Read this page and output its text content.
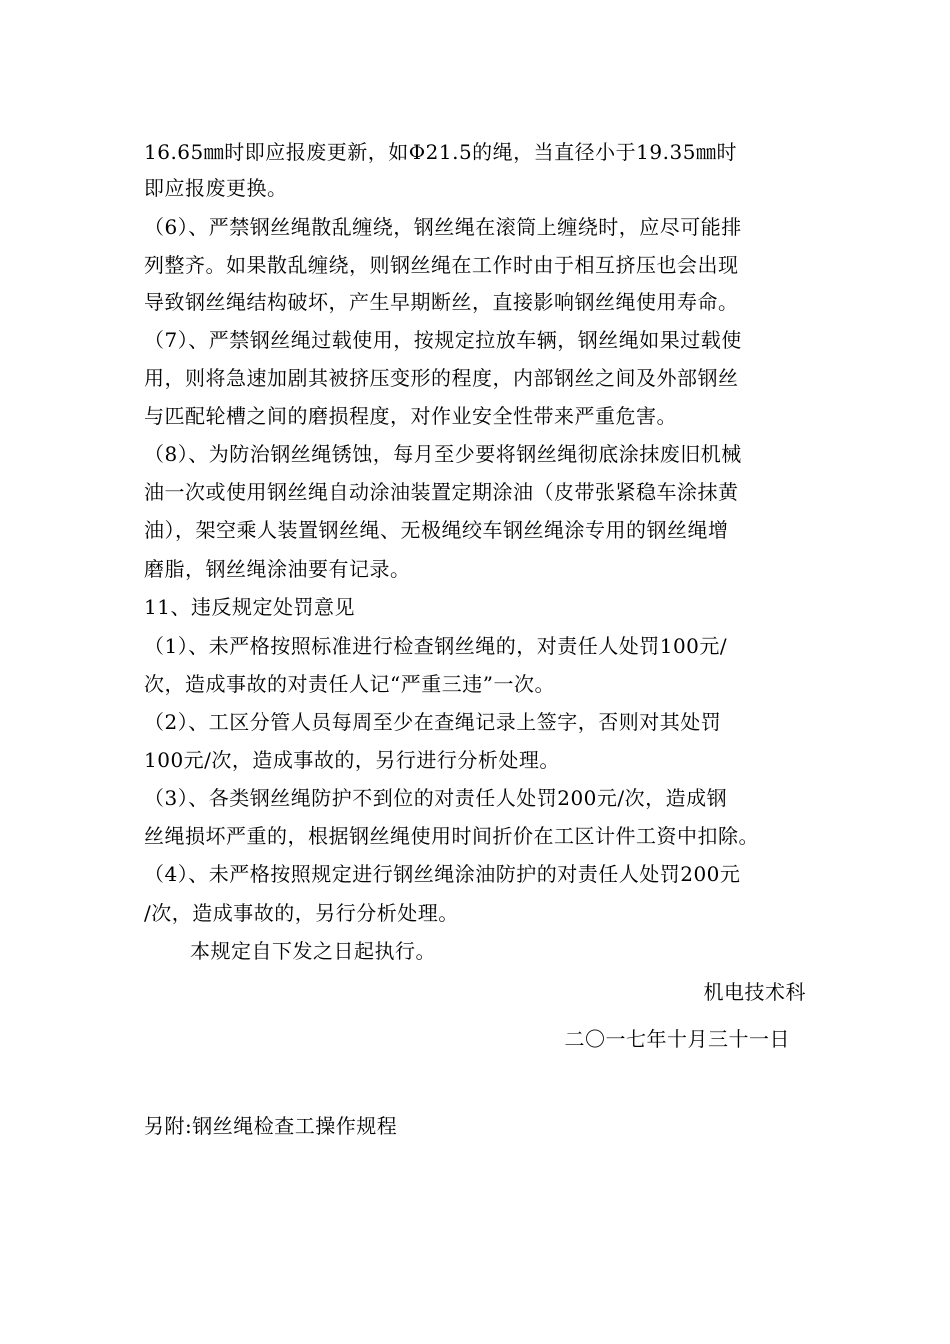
16.65㎜时即应报废更新，如Φ21.5的绳，当直径小于19.35㎜时
即应报废更换。
（6）、严禁钢丝绳散乱缠绕，钢丝绳在滚筒上缠绕时，应尽可能排
列整齐。如果散乱缠绕，则钢丝绳在工作时由于相互挤压也会出现
导致钢丝绳结构破坏，产生早期断丝，直接影响钢丝绳使用寿命。
（7）、严禁钢丝绳过载使用，按规定拉放车辆，钢丝绳如果过载使
用，则将急速加剧其被挤压变形的程度，内部钢丝之间及外部钢丝
与匹配轮槽之间的磨损程度，对作业安全性带来严重危害。
（8）、为防治钢丝绳锈蚀，每月至少要将钢丝绳彻底涂抹废旧机械
油一次或使用钢丝绳自动涂油装置定期涂油（皮带张紧稳车涂抹黄
油），架空乘人装置钢丝绳、无极绳绞车钢丝绳涂专用的钢丝绳增
磨脂，钢丝绳涂油要有记录。
11、违反规定处罚意见
（1）、未严格按照标准进行检查钢丝绳的，对责任人处罚100元/
次，造成事故的对责任人记“严重三违”一次。
（2）、工区分管人员每周至少在查绳记录上签字，否则对其处罚
100元/次，造成事故的，另行进行分析处理。
（3）、各类钢丝绳防护不到位的对责任人处罚200元/次，造成钢
丝绳损坏严重的，根据钢丝绳使用时间折价在工区计件工资中扣除。
（4）、未严格按照规定进行钢丝绳涂油防护的对责任人处罚200元
/次，造成事故的，另行分析处理。
本规定自下发之日起执行。
机电技术科
二〇一七年十月三十一日
另附:钢丝绳检查工操作规程
